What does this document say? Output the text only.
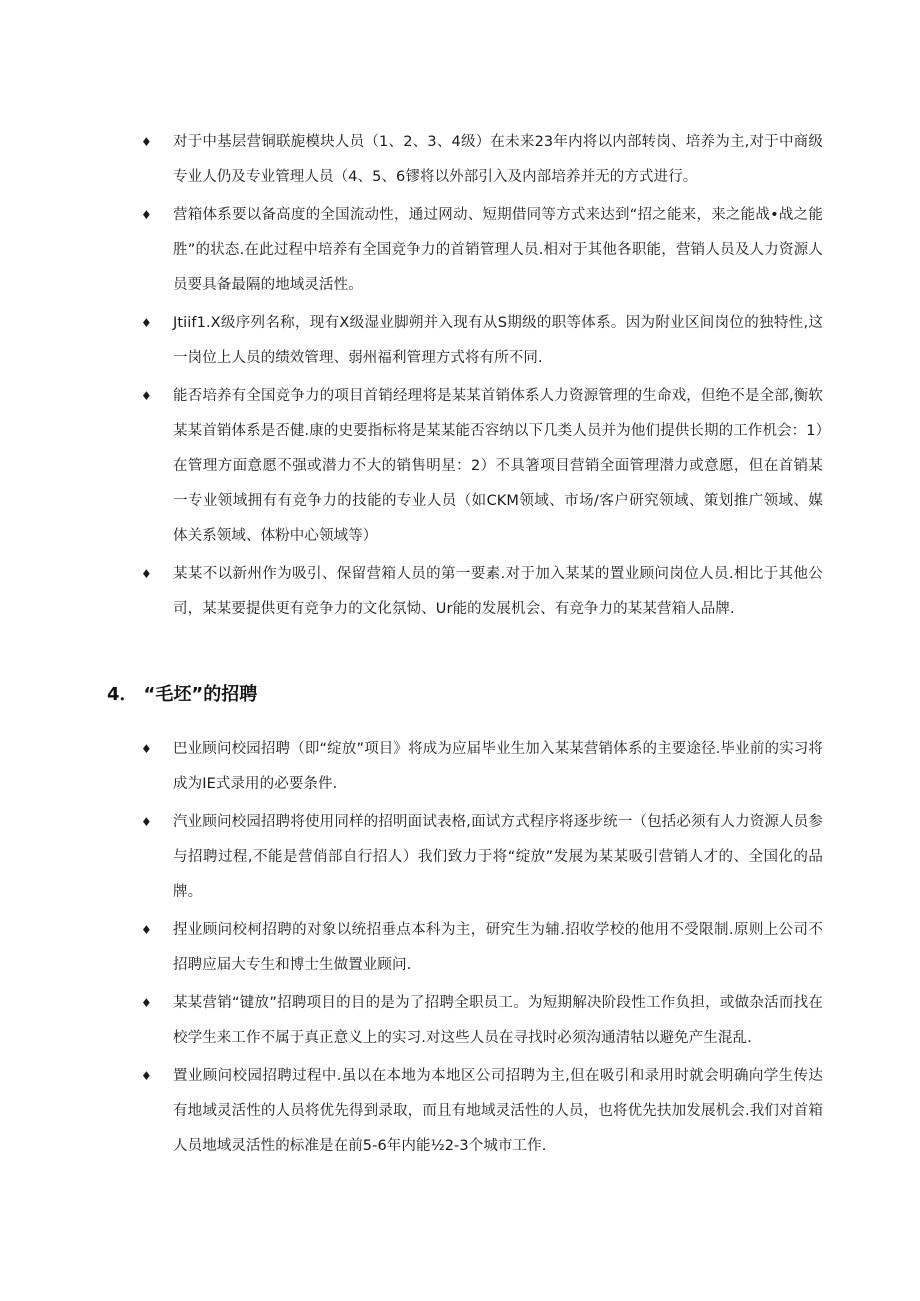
♦ 对于中基层营铜联旎模块人员（1、2、3、4级）在未来23年内将以内部转岗、培养为主,对于中商级专业人仍及专业管理人员（4、5、6镠将以外部引入及内部培养并无的方式进行。
♦ 营箱体系要以备高度的全国流动性，通过网动、短期借同等方式来达到“招之能来，来之能战•战之能胜”的状态.在此过程中培养有全国竞争力的首销管理人员.相对于其他各职能，营销人员及人力资源人员要具备最隔的地域灵活性。
♦ Jtiif1.X级序列名称，现有X级湿业脚朔并入现有从S期级的职等体系。因为附业区间岗位的独特性,这一岗位上人员的绩效管理、弱州福利管理方式将有所不同.
♦ 能否培养有全国竞争力的项目首销经理将是某某首销体系人力资源管理的生命戏，但绝不是全部,衡软某某首销体系是否健.康的史要指标将是某某能否容纳以下几类人员并为他们提供长期的工作机会：1）在管理方面意愿不强或潜力不大的销售明星：2）不具箸项目营销全面管理潜力或意愿，但在首销某一专业领域拥有有竞争力的技能的专业人员（如CKM领域、市场/客户研究领域、策划推广领域、媒体关系领域、体粉中心领域等）
♦ 某某不以新州作为吸引、保留营箱人员的第一要素.对于加入某某的置业顾问岗位人员.相比于其他公司，某某要提供更有竞争力的文化氛恸、Ur能的发展机会、有竞争力的某某营箱人品牌.
4． “毛坯”的招聘
♦ 巴业顾问校园招聘（即“绽放”项目》将成为应届毕业生加入某某营销体系的主要途径.毕业前的实习将成为IE式录用的必要条件.
♦ 汽业顾问校园招聘将使用同样的招明面试表格,面试方式程序将逐步统一（包括必须有人力资源人员参与招聘过程,不能是营俏部自行招人）我们致力于将“绽放”发展为某某吸引营销人才的、全国化的品牌。
♦ 捏业顾问校柯招聘的对象以统招垂点本科为主，研究生为辅.招收学校的他用不受限制.原则上公司不招聘应届大专生和博士生做置业顾问.
♦ 某某营销“键放”招聘项目的目的是为了招聘全职员工。为短期解决阶段性工作负担，或做杂活而找在校学生来工作不属于真正意义上的实习.对这些人员在寻找时必须沟通清牯以避免产生混乱.
♦ 置业顾问校园招聘过程中.虽以在本地为本地区公司招聘为主,但在吸引和录用时就会明确向学生传达有地域灵活性的人员将优先得到录取，而且有地域灵活性的人员，也将优先扶加发展机会.我们对首箱人员地域灵活性的标准是在前5-6年内能½2-3个城市工作.
